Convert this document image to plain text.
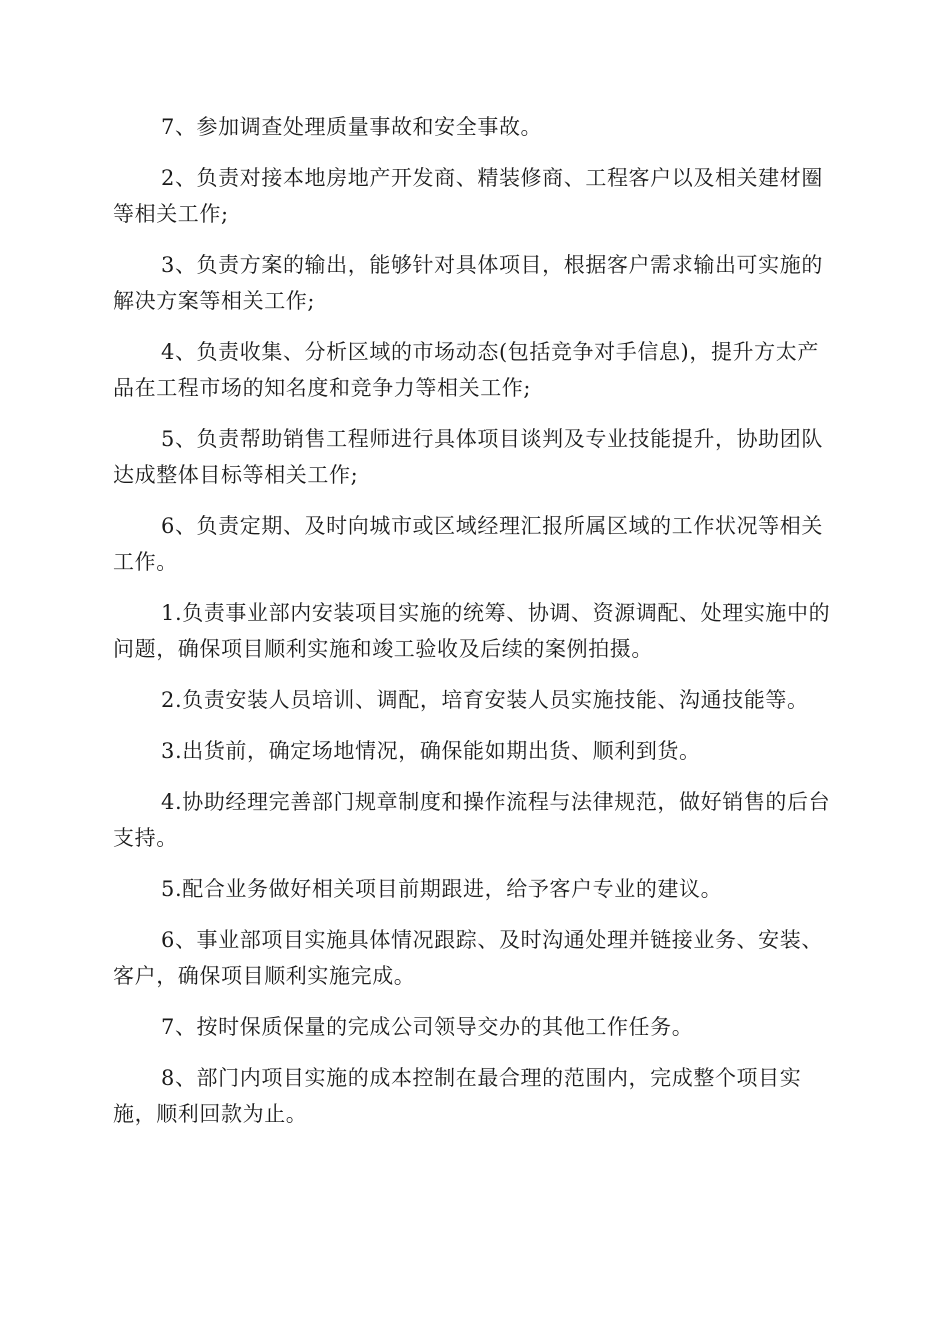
7、参加调查处理质量事故和安全事故。

2、负责对接本地房地产开发商、精装修商、工程客户以及相关建材圈等相关工作;

3、负责方案的输出，能够针对具体项目，根据客户需求输出可实施的解决方案等相关工作;

4、负责收集、分析区域的市场动态(包括竞争对手信息)，提升方太产品在工程市场的知名度和竞争力等相关工作;

5、负责帮助销售工程师进行具体项目谈判及专业技能提升，协助团队达成整体目标等相关工作;

6、负责定期、及时向城市或区域经理汇报所属区域的工作状况等相关工作。

1.负责事业部内安装项目实施的统筹、协调、资源调配、处理实施中的问题，确保项目顺利实施和竣工验收及后续的案例拍摄。

2.负责安装人员培训、调配，培育安装人员实施技能、沟通技能等。

3.出货前，确定场地情况，确保能如期出货、顺利到货。

4.协助经理完善部门规章制度和操作流程与法律规范，做好销售的后台支持。

5.配合业务做好相关项目前期跟进，给予客户专业的建议。

6、事业部项目实施具体情况跟踪、及时沟通处理并链接业务、安装、客户，确保项目顺利实施完成。

7、按时保质保量的完成公司领导交办的其他工作任务。

8、部门内项目实施的成本控制在最合理的范围内，完成整个项目实施，顺利回款为止。
